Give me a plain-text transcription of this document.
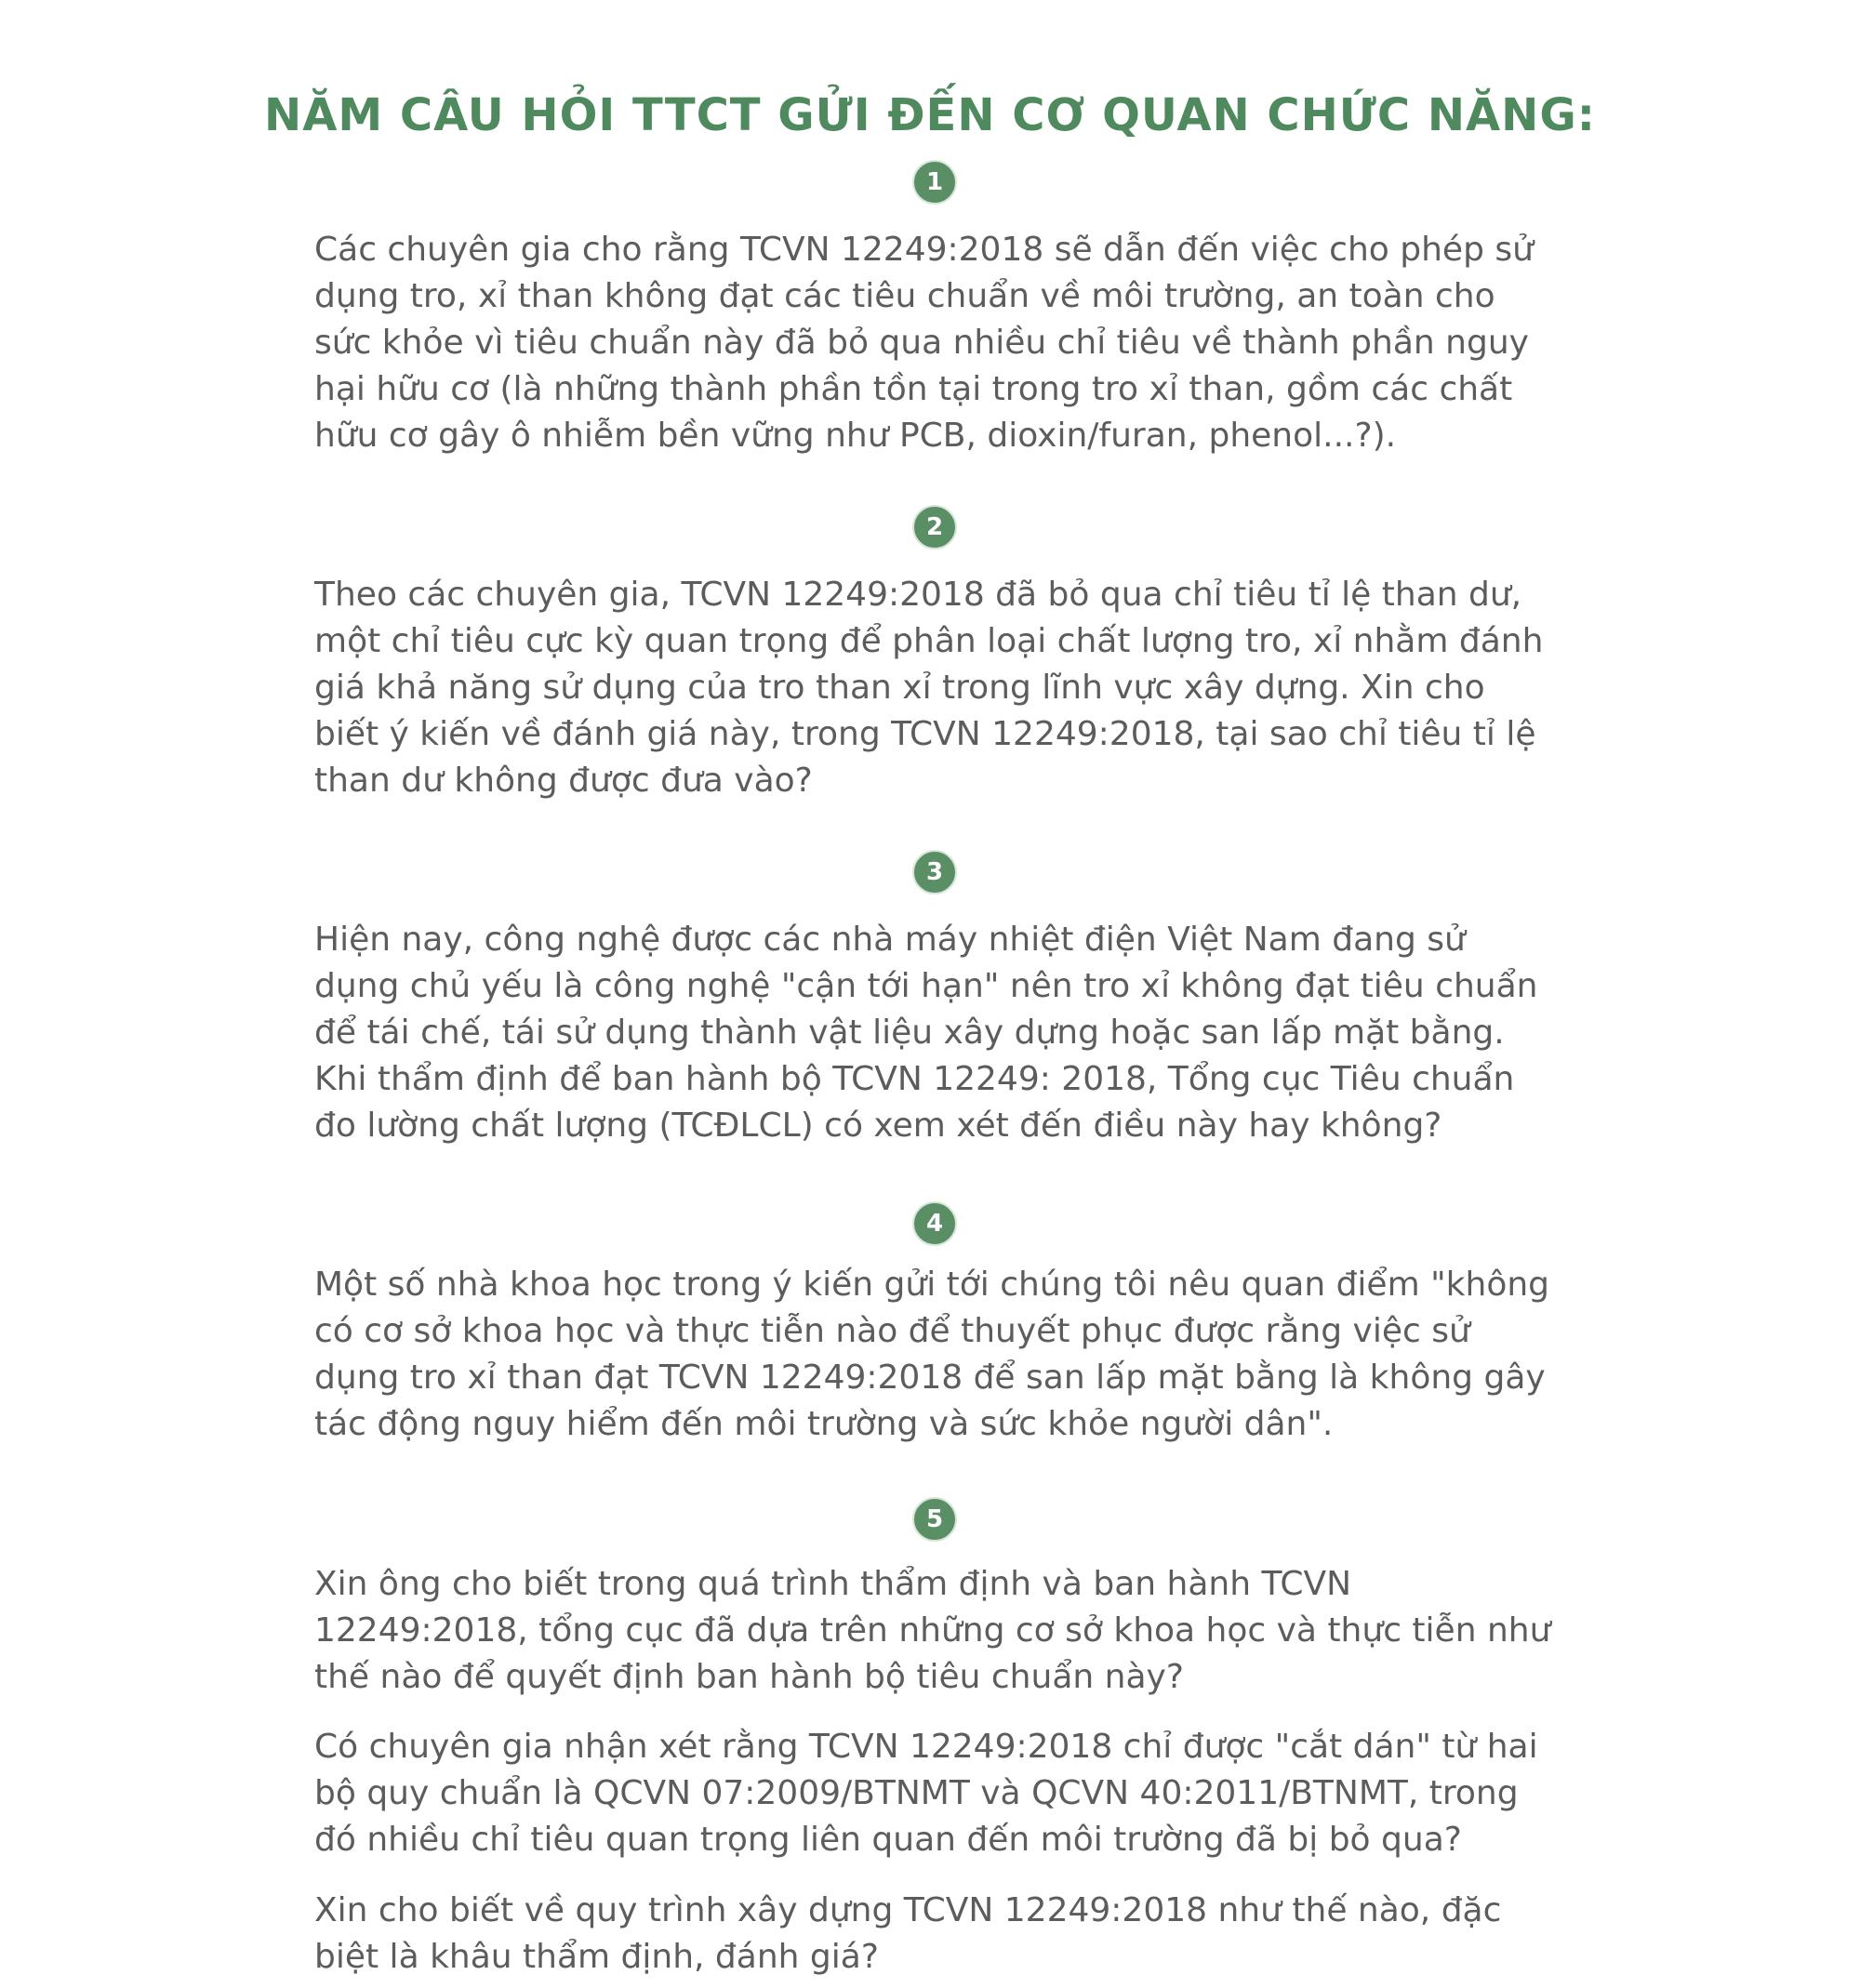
NĂM CÂU HỎI TTCT GỬI ĐẾN CƠ QUAN CHỨC NĂNG:
1

Các chuyên gia cho rằng TCVN 12249:2018 sẽ dẫn đến việc cho phép sử dụng tro, xỉ than không đạt các tiêu chuẩn về môi trường, an toàn cho sức khỏe vì tiêu chuẩn này đã bỏ qua nhiều chỉ tiêu về thành phần nguy hại hữu cơ (là những thành phần tồn tại trong tro xỉ than, gồm các chất hữu cơ gây ô nhiễm bền vững như PCB, dioxin/furan, phenol...?).

2

Theo các chuyên gia, TCVN 12249:2018 đã bỏ qua chỉ tiêu tỉ lệ than dư, một chỉ tiêu cực kỳ quan trọng để phân loại chất lượng tro, xỉ nhằm đánh giá khả năng sử dụng của tro than xỉ trong lĩnh vực xây dựng. Xin cho biết ý kiến về đánh giá này, trong TCVN 12249:2018, tại sao chỉ tiêu tỉ lệ than dư không được đưa vào?

3

Hiện nay, công nghệ được các nhà máy nhiệt điện Việt Nam đang sử dụng chủ yếu là công nghệ "cận tới hạn" nên tro xỉ không đạt tiêu chuẩn để tái chế, tái sử dụng thành vật liệu xây dựng hoặc san lấp mặt bằng. Khi thẩm định để ban hành bộ TCVN 12249: 2018, Tổng cục Tiêu chuẩn đo lường chất lượng (TCĐLCL) có xem xét đến điều này hay không?

4

Một số nhà khoa học trong ý kiến gửi tới chúng tôi nêu quan điểm "không có cơ sở khoa học và thực tiễn nào để thuyết phục được rằng việc sử dụng tro xỉ than đạt TCVN 12249:2018 để san lấp mặt bằng là không gây tác động nguy hiểm đến môi trường và sức khỏe người dân".

5

Xin ông cho biết trong quá trình thẩm định và ban hành TCVN 12249:2018, tổng cục đã dựa trên những cơ sở khoa học và thực tiễn như thế nào để quyết định ban hành bộ tiêu chuẩn này?

Có chuyên gia nhận xét rằng TCVN 12249:2018 chỉ được "cắt dán" từ hai bộ quy chuẩn là QCVN 07:2009/BTNMT và QCVN 40:2011/BTNMT, trong đó nhiều chỉ tiêu quan trọng liên quan đến môi trường đã bị bỏ qua?

Xin cho biết về quy trình xây dựng TCVN 12249:2018 như thế nào, đặc biệt là khâu thẩm định, đánh giá?
